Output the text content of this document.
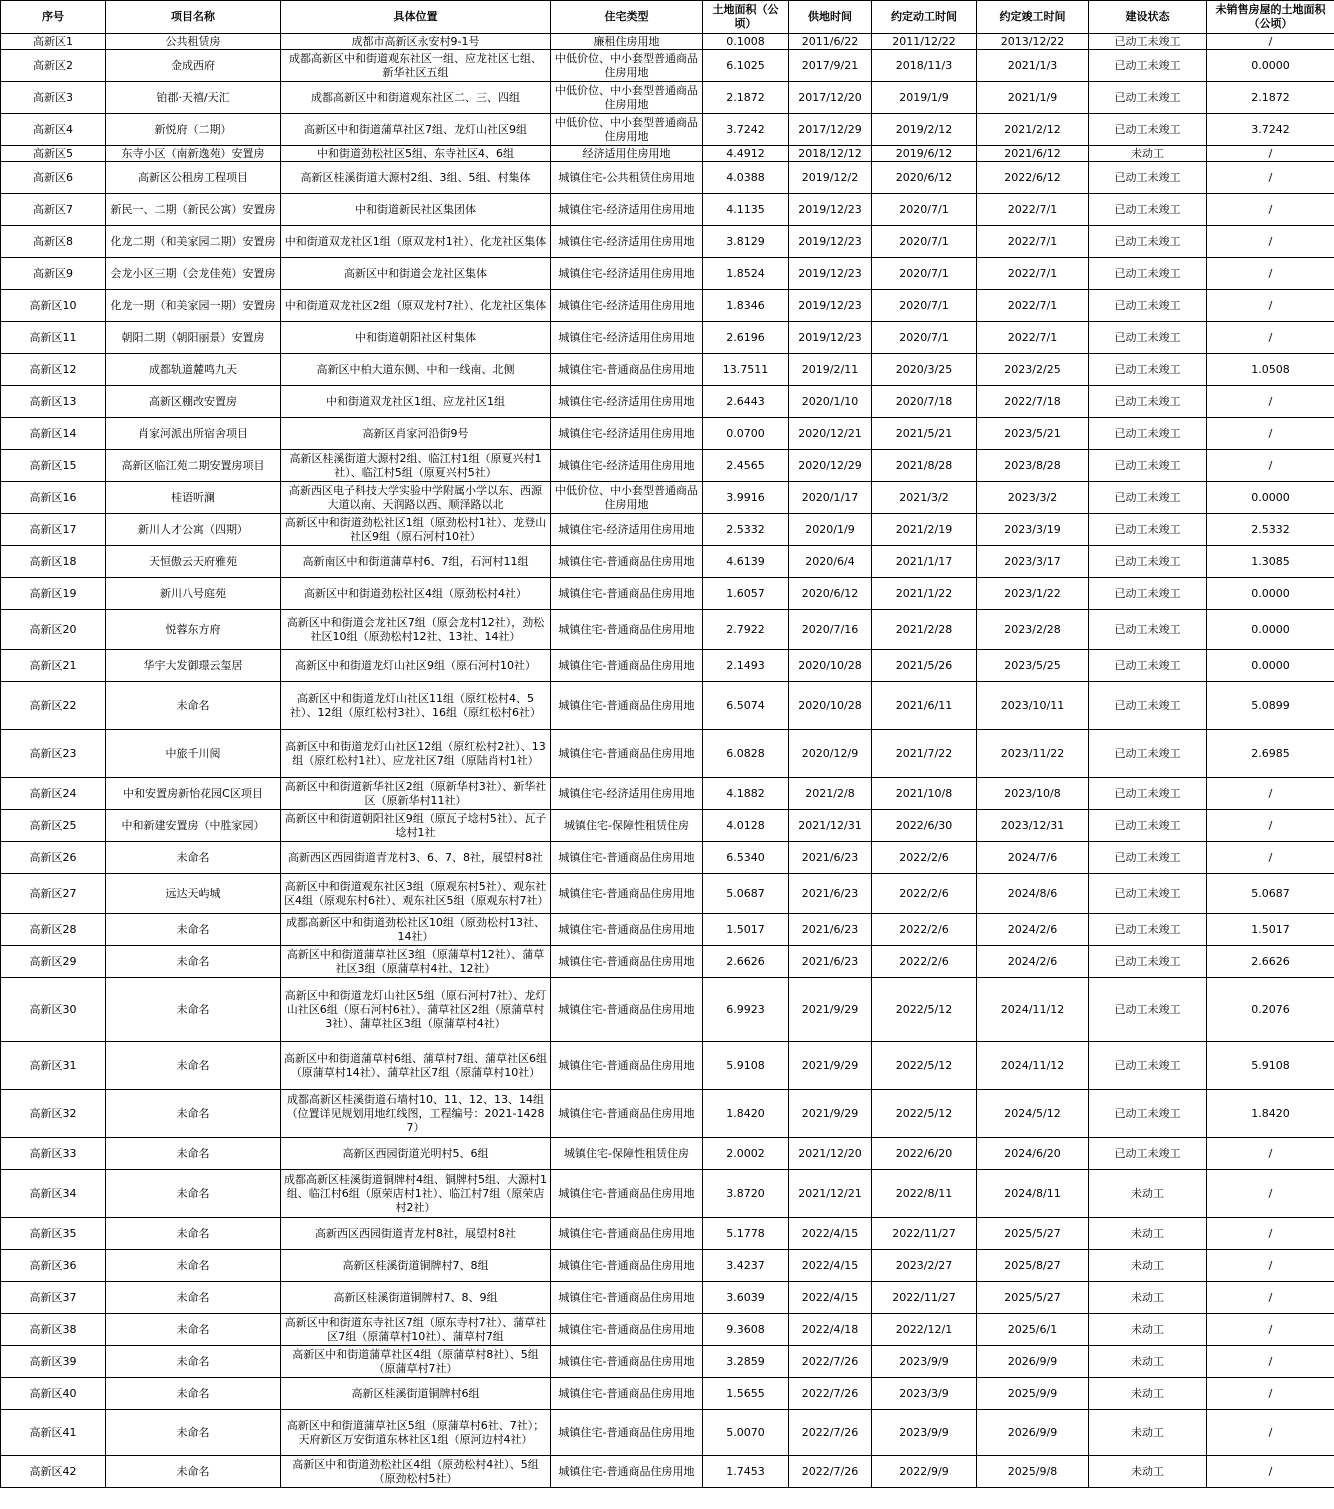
序号	项目名称	具体位置	住宅类型	土地面积（公顷）	供地时间	约定动工时间	约定竣工时间	建设状态	未销售房屋的土地面积（公顷）
高新区1	公共租赁房	成都市高新区永安村9-1号	廉租住房用地	0.1008	2011/6/22	2011/12/22	2013/12/22	已动工未竣工	/
高新区2	金成西府	成都高新区中和街道观东社区一组、应龙社区七组、新华社区五组	中低价位、中小套型普通商品住房用地	6.1025	2017/9/21	2018/11/3	2021/1/3	已动工未竣工	0.0000
高新区3	铂郡·天禧/天汇	成都高新区中和街道观东社区二、三、四组	中低价位、中小套型普通商品住房用地	2.1872	2017/12/20	2019/1/9	2021/1/9	已动工未竣工	2.1872
高新区4	新悦府（二期）	高新区中和街道蒲草社区7组、龙灯山社区9组	中低价位、中小套型普通商品住房用地	3.7242	2017/12/29	2019/2/12	2021/2/12	已动工未竣工	3.7242
高新区5	东寺小区（南新逸苑）安置房	中和街道劲松社区5组、东寺社区4、6组	经济适用住房用地	4.4912	2018/12/12	2019/6/12	2021/6/12	未动工	/
高新区6	高新区公租房工程项目	高新区桂溪街道大源村2组、3组、5组、村集体	城镇住宅-公共租赁住房用地	4.0388	2019/12/2	2020/6/12	2022/6/12	已动工未竣工	/
高新区7	新民一、二期（新民公寓）安置房	中和街道新民社区集团体	城镇住宅-经济适用住房用地	4.1135	2019/12/23	2020/7/1	2022/7/1	已动工未竣工	/
高新区8	化龙二期（和美家园二期）安置房	中和街道双龙社区1组（原双龙村1社）、化龙社区集体	城镇住宅-经济适用住房用地	3.8129	2019/12/23	2020/7/1	2022/7/1	已动工未竣工	/
高新区9	会龙小区三期（会龙佳苑）安置房	高新区中和街道会龙社区集体	城镇住宅-经济适用住房用地	1.8524	2019/12/23	2020/7/1	2022/7/1	已动工未竣工	/
高新区10	化龙一期（和美家园一期）安置房	中和街道双龙社区2组（原双龙村7社）、化龙社区集体	城镇住宅-经济适用住房用地	1.8346	2019/12/23	2020/7/1	2022/7/1	已动工未竣工	/
高新区11	朝阳二期（朝阳丽景）安置房	中和街道朝阳社区村集体	城镇住宅-经济适用住房用地	2.6196	2019/12/23	2020/7/1	2022/7/1	已动工未竣工	/
高新区12	成都轨道麓鸣九天	高新区中柏大道东侧、中和一线南、北侧	城镇住宅-普通商品住房用地	13.7511	2019/2/11	2020/3/25	2023/2/25	已动工未竣工	1.0508
高新区13	高新区棚改安置房	中和街道双龙社区1组、应龙社区1组	城镇住宅-经济适用住房用地	2.6443	2020/1/10	2020/7/18	2022/7/18	已动工未竣工	/
高新区14	肖家河派出所宿舍项目	高新区肖家河沿街9号	城镇住宅-经济适用住房用地	0.0700	2020/12/21	2021/5/21	2023/5/21	已动工未竣工	/
高新区15	高新区临江苑二期安置房项目	高新区桂溪街道大源村2组、临江村1组（原夏兴村1社）、临江村5组（原夏兴村5社）	城镇住宅-经济适用住房用地	2.4565	2020/12/29	2021/8/28	2023/8/28	已动工未竣工	/
高新区16	桂语听澜	高新西区电子科技大学实验中学附属小学以东、西源大道以南、天润路以西、顺泽路以北	中低价位、中小套型普通商品住房用地	3.9916	2020/1/17	2021/3/2	2023/3/2	已动工未竣工	0.0000
高新区17	新川人才公寓（四期）	高新区中和街道劲松社区1组（原劲松村1社）、龙登山社区9组（原石河村10社）	城镇住宅-经济适用住房用地	2.5332	2020/1/9	2021/2/19	2023/3/19	已动工未竣工	2.5332
高新区18	天恒傲云天府雅苑	高新南区中和街道蒲草村6、7组，石河村11组	城镇住宅-普通商品住房用地	4.6139	2020/6/4	2021/1/17	2023/3/17	已动工未竣工	1.3085
高新区19	新川八号庭苑	高新区中和街道劲松社区4组（原劲松村4社）	城镇住宅-普通商品住房用地	1.6057	2020/6/12	2021/1/22	2023/1/22	已动工未竣工	0.0000
高新区20	悦蓉东方府	高新区中和街道会龙社区7组（原会龙村12社），劲松社区10组（原劲松村12社、13社、14社）	城镇住宅-普通商品住房用地	2.7922	2020/7/16	2021/2/28	2023/2/28	已动工未竣工	0.0000
高新区21	华宇大发御璟云玺居	高新区中和街道龙灯山社区9组（原石河村10社）	城镇住宅-普通商品住房用地	2.1493	2020/10/28	2021/5/26	2023/5/25	已动工未竣工	0.0000
高新区22	未命名	高新区中和街道龙灯山社区11组（原红松村4、5社）、12组（原红松村3社）、16组（原红松村6社）	城镇住宅-普通商品住房用地	6.5074	2020/10/28	2021/6/11	2023/10/11	已动工未竣工	5.0899
高新区23	中旅千川阅	高新区中和街道龙灯山社区12组（原红松村2社）、13组（原红松村1社）、应龙社区7组（原陆肖村1社）	城镇住宅-普通商品住房用地	6.0828	2020/12/9	2021/7/22	2023/11/22	已动工未竣工	2.6985
高新区24	中和安置房新怡花园C区项目	高新区中和街道新华社区2组（原新华村3社）、新华社区（原新华村11社）	城镇住宅-经济适用住房用地	4.1882	2021/2/8	2021/10/8	2023/10/8	已动工未竣工	/
高新区25	中和新建安置房（中胜家园）	高新区中和街道朝阳社区9组（原瓦子埝村5社）、瓦子埝村1社	城镇住宅-保障性租赁住房	4.0128	2021/12/31	2022/6/30	2023/12/31	已动工未竣工	/
高新区26	未命名	高新西区西园街道青龙村3、6、7、8社，展望村8社	城镇住宅-普通商品住房用地	6.5340	2021/6/23	2022/2/6	2024/7/6	已动工未竣工	/
高新区27	远达天屿城	高新区中和街道观东社区3组（原观东村5社）、观东社区4组（原观东村6社）、观东社区5组（原观东村7社）	城镇住宅-普通商品住房用地	5.0687	2021/6/23	2022/2/6	2024/8/6	已动工未竣工	5.0687
高新区28	未命名	成都高新区中和街道劲松社区10组（原劲松村13社、14社）	城镇住宅-普通商品住房用地	1.5017	2021/6/23	2022/2/6	2024/2/6	已动工未竣工	1.5017
高新区29	未命名	高新区中和街道蒲草社区3组（原蒲草村12社）、蒲草社区3组（原蒲草村4社、12社）	城镇住宅-普通商品住房用地	2.6626	2021/6/23	2022/2/6	2024/2/6	已动工未竣工	2.6626
高新区30	未命名	高新区中和街道龙灯山社区5组（原石河村7社）、龙灯山社区6组（原石河村6社）、蒲草社区2组（原蒲草村3社）、蒲草社区3组（原蒲草村4社）	城镇住宅-普通商品住房用地	6.9923	2021/9/29	2022/5/12	2024/11/12	已动工未竣工	0.2076
高新区31	未命名	高新区中和街道蒲草村6组、蒲草村7组、蒲草社区6组（原蒲草村14社）、蒲草社区7组（原蒲草村10社）	城镇住宅-普通商品住房用地	5.9108	2021/9/29	2022/5/12	2024/11/12	已动工未竣工	5.9108
高新区32	未命名	成都高新区桂溪街道石墙村10、11、12、13、14组（位置详见规划用地红线图，工程编号：2021-14287）	城镇住宅-普通商品住房用地	1.8420	2021/9/29	2022/5/12	2024/5/12	已动工未竣工	1.8420
高新区33	未命名	高新区西园街道光明村5、6组	城镇住宅-保障性租赁住房	2.0002	2021/12/20	2022/6/20	2024/6/20	已动工未竣工	/
高新区34	未命名	成都高新区桂溪街道铜牌村4组、铜牌村5组、大源村1组、临江村6组（原荣店村1社）、临江村7组（原荣店村2社）	城镇住宅-普通商品住房用地	3.8720	2021/12/21	2022/8/11	2024/8/11	未动工	/
高新区35	未命名	高新西区西园街道青龙村8社，展望村8社	城镇住宅-普通商品住房用地	5.1778	2022/4/15	2022/11/27	2025/5/27	未动工	/
高新区36	未命名	高新区桂溪街道铜牌村7、8组	城镇住宅-普通商品住房用地	3.4237	2022/4/15	2023/2/27	2025/8/27	未动工	/
高新区37	未命名	高新区桂溪街道铜牌村7、8、9组	城镇住宅-普通商品住房用地	3.6039	2022/4/15	2022/11/27	2025/5/27	未动工	/
高新区38	未命名	高新区中和街道东寺社区7组（原东寺村7社）、蒲草社区7组（原蒲草村10社）、蒲草村7组	城镇住宅-普通商品住房用地	9.3608	2022/4/18	2022/12/1	2025/6/1	未动工	/
高新区39	未命名	高新区中和街道蒲草社区4组（原蒲草村8社）、5组（原蒲草村7社）	城镇住宅-普通商品住房用地	3.2859	2022/7/26	2023/9/9	2026/9/9	未动工	/
高新区40	未命名	高新区桂溪街道铜牌村6组	城镇住宅-普通商品住房用地	1.5655	2022/7/26	2023/3/9	2025/9/9	未动工	/
高新区41	未命名	高新区中和街道蒲草社区5组（原蒲草村6社、7社）；天府新区万安街道东林社区1组（原河边村4社）	城镇住宅-普通商品住房用地	5.0070	2022/7/26	2023/9/9	2026/9/9	未动工	/
高新区42	未命名	高新区中和街道劲松社区4组（原劲松村4社）、5组（原劲松村5社）	城镇住宅-普通商品住房用地	1.7453	2022/7/26	2022/9/9	2025/9/8	未动工	/
